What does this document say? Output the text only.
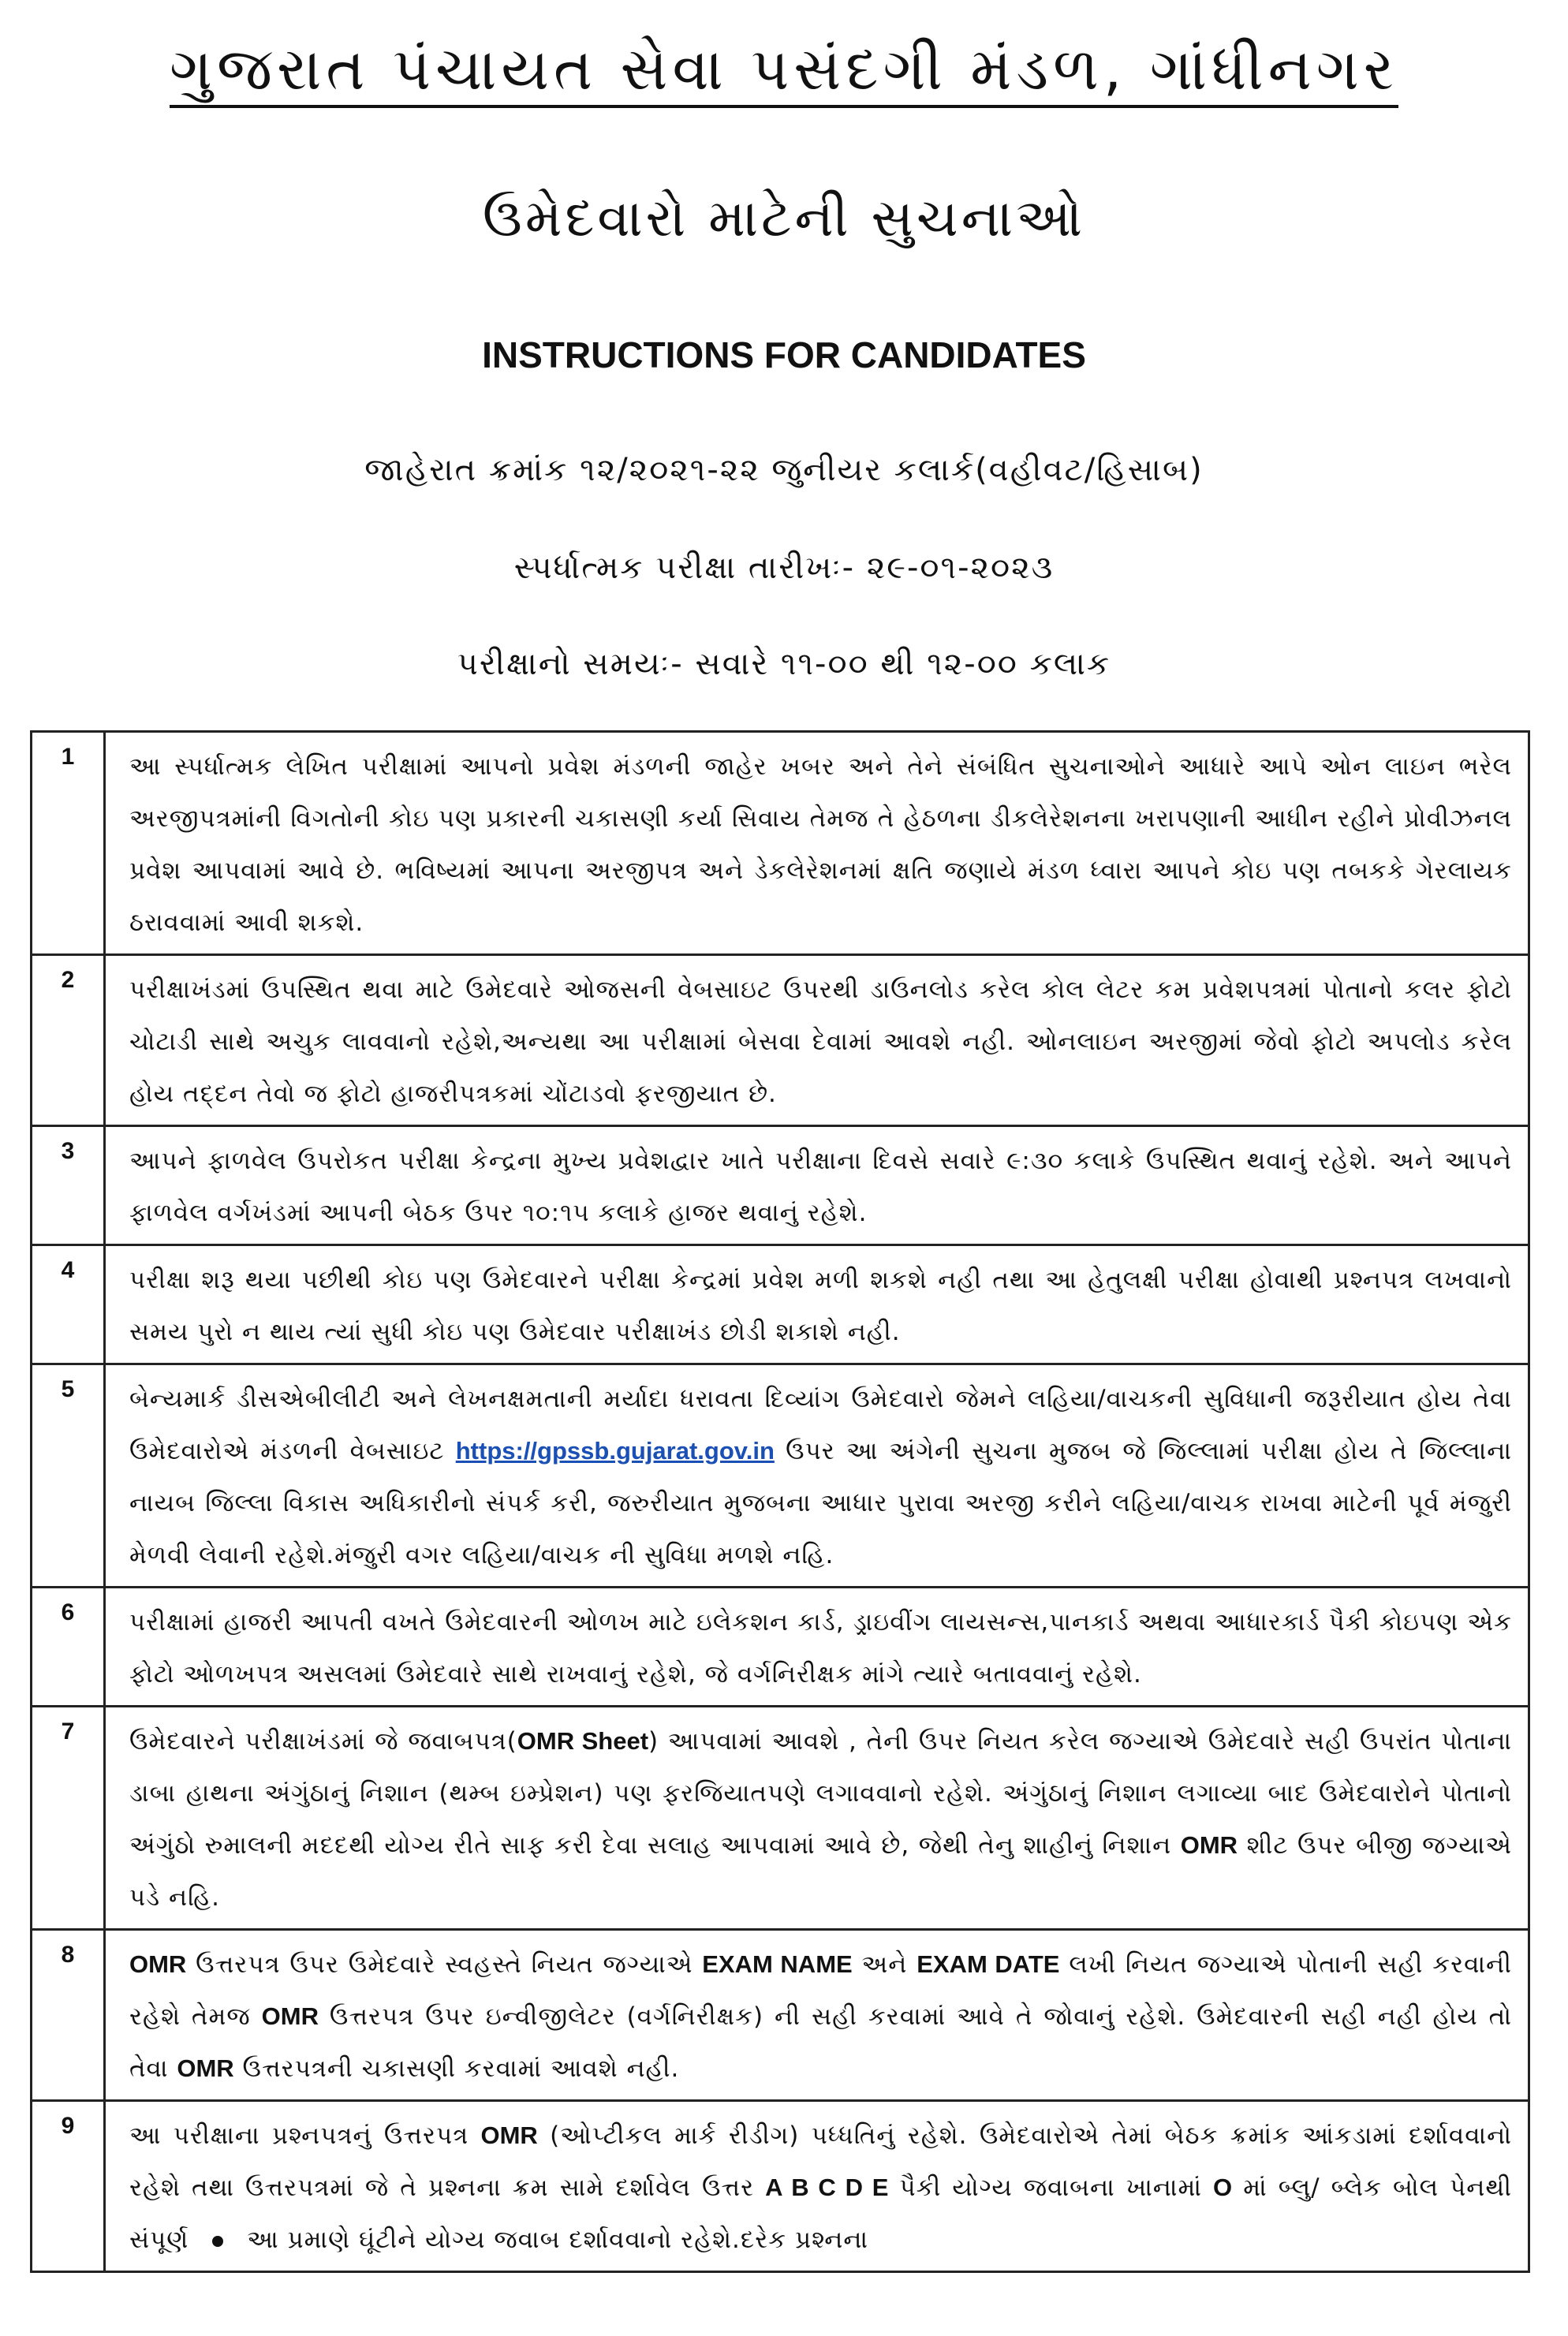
ગુજરાત પંચાયત સેવા પસંદગી મંડળ, ગાંધીનગર
ઉમેદવારો માટેની સુચનાઓ
INSTRUCTIONS FOR CANDIDATES
જાહેરાત ક્રમાંક ૧૨/૨૦૨૧-૨૨ જુનીયર કલાર્ક(વહીવટ/હિસાબ)
સ્પર્ધાત્મક પરીક્ષા તારીખઃ- ૨૯-૦૧-૨૦૨૩
પરીક્ષાનો સમયઃ- સવારે ૧૧-૦૦ થી ૧૨-૦૦ કલાક
1	આ સ્પર્ધાત્મક લેખિત પરીક્ષામાં આપનો પ્રવેશ મંડળની જાહેર ખબર અને તેને સંબંધિત સુચનાઓને આધારે આપે ઓન લાઇન ભરેલ અરજીપત્રમાંની વિગતોની કોઇ પણ પ્રકારની ચકાસણી કર્યા સિવાય તેમજ તે હેઠળના ડીકલેરેશનના ખરાપણાની આધીન રહીને પ્રોવીઝનલ પ્રવેશ આપવામાં આવે છે. ભવિષ્યમાં આપના અરજીપત્ર અને ડેકલેરેશનમાં ક્ષતિ જણાયે મંડળ ધ્વારા આપને કોઇ પણ તબકકે ગેરલાયક ઠરાવવામાં આવી શકશે.
2	પરીક્ષાખંડમાં ઉપસ્થિત થવા માટે ઉમેદવારે ઓજસની વેબસાઇટ ઉપરથી ડાઉનલોડ કરેલ કોલ લેટર કમ પ્રવેશપત્રમાં પોતાનો કલર ફોટો ચોટાડી સાથે અચુક લાવવાનો રહેશે,અન્યથા આ પરીક્ષામાં બેસવા દેવામાં આવશે નહી. ઓનલાઇન અરજીમાં જેવો ફોટો અપલોડ કરેલ હોય તદ્દન તેવો જ ફોટો હાજરીપત્રકમાં ચોંટાડવો ફરજીયાત છે.
3	આપને ફાળવેલ ઉપરોકત પરીક્ષા કેન્દ્રના મુખ્ય પ્રવેશદ્વાર ખાતે પરીક્ષાના દિવસે સવારે ૯:૩૦ કલાકે ઉપસ્થિત થવાનું રહેશે. અને આપને ફાળવેલ વર્ગખંડમાં આપની બેઠક ઉપર ૧૦:૧૫ કલાકે હાજર થવાનું રહેશે.
4	પરીક્ષા શરૂ થયા પછીથી કોઇ પણ ઉમેદવારને પરીક્ષા કેન્દ્રમાં પ્રવેશ મળી શકશે નહી તથા આ હેતુલક્ષી પરીક્ષા હોવાથી પ્રશ્નપત્ર લખવાનો સમય પુરો ન થાય ત્યાં સુધી કોઇ પણ ઉમેદવાર પરીક્ષાખંડ છોડી શકાશે નહી.
5	બેન્યમાર્ક ડીસએબીલીટી અને લેખનક્ષમતાની મર્યાદા ધરાવતા દિવ્યાંગ ઉમેદવારો જેમને લહિયા/વાચકની સુવિધાની જરૂરીયાત હોય તેવા ઉમેદવારોએ મંડળની વેબસાઇટ https://gpssb.gujarat.gov.in ઉપર આ અંગેની સુચના મુજબ જે જિલ્લામાં પરીક્ષા હોય તે જિલ્લાના નાયબ જિલ્લા વિકાસ અધિકારીનો સંપર્ક કરી, જરુરીયાત મુજબના આધાર પુરાવા અરજી કરીને લહિયા/વાચક રાખવા માટેની પૂર્વ મંજુરી મેળવી લેવાની રહેશે.મંજુરી વગર લહિયા/વાચક ની સુવિધા મળશે નહિ.
6	પરીક્ષામાં હાજરી આપતી વખતે ઉમેદવારની ઓળખ માટે ઇલેકશન કાર્ડ, ડ્રાઇવીંગ લાયસન્સ,પાનકાર્ડ અથવા આધારકાર્ડ પૈકી કોઇપણ એક ફોટો ઓળખપત્ર અસલમાં ઉમેદવારે સાથે રાખવાનું રહેશે, જે વર્ગનિરીક્ષક માંગે ત્યારે બતાવવાનું રહેશે.
7	ઉમેદવારને પરીક્ષાખંડમાં જે જવાબપત્ર(OMR Sheet) આપવામાં આવશે , તેની ઉપર નિયત કરેલ જગ્યાએ ઉમેદવારે સહી ઉપરાંત પોતાના ડાબા હાથના અંગુંઠાનું નિશાન (થમ્બ ઇમ્પ્રેશન) પણ ફરજિયાતપણે લગાવવાનો રહેશે. અંગુંઠાનું નિશાન લગાવ્યા બાદ ઉમેદવારોને પોતાનો અંગુંઠો રુમાલની મદદથી યોગ્ય રીતે સાફ કરી દેવા સલાહ આપવામાં આવે છે, જેથી તેનુ શાહીનું નિશાન OMR શીટ ઉપર બીજી જગ્યાએ પડે નહિ.
8	OMR ઉત્તરપત્ર ઉપર ઉમેદવારે સ્વહસ્તે નિયત જગ્યાએ EXAM NAME અને EXAM DATE લખી નિયત જગ્યાએ પોતાની સહી કરવાની રહેશે તેમજ OMR ઉત્તરપત્ર ઉપર ઇન્વીજીલેટર (વર્ગનિરીક્ષક) ની સહી કરવામાં આવે તે જોવાનું રહેશે. ઉમેદવારની સહી નહી હોય તો તેવા OMR ઉત્તરપત્રની ચકાસણી કરવામાં આવશે નહી.
9	આ પરીક્ષાના પ્રશ્નપત્રનું ઉત્તરપત્ર OMR (ઓપ્ટીકલ માર્ક રીડીગ) પધ્ધતિનું રહેશે. ઉમેદવારોએ તેમાં બેઠક ક્રમાંક આંકડામાં દર્શાવવાનો રહેશે તથા ઉત્તરપત્રમાં જે તે પ્રશ્નના ક્રમ સામે દર્શાવેલ ઉત્તર A B C D E પૈકી યોગ્ય જવાબના ખાનામાં O માં બ્લુ/ બ્લેક બોલ પેનથી સંપૂર્ણ આ પ્રમાણે ઘૂંટીને યોગ્ય જવાબ દર્શાવવાનો રહેશે.દરેક પ્રશ્નના
